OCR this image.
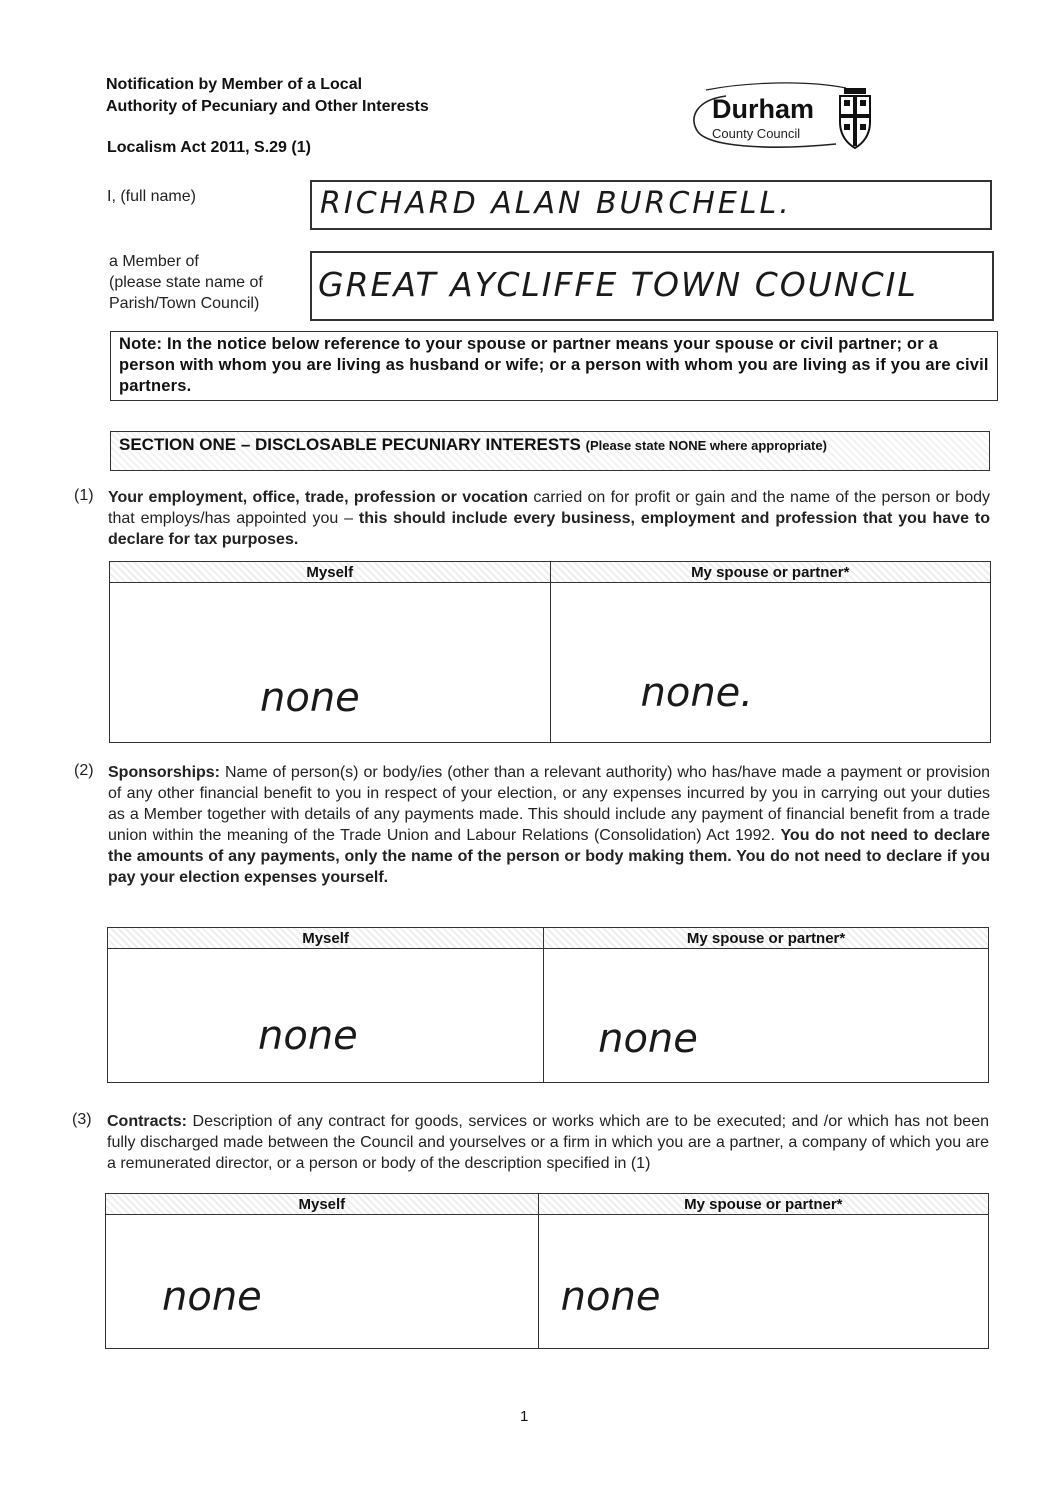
Notification by Member of a Local
Authority of Pecuniary and Other Interests
Localism Act 2011, S.29 (1)
Durham
County Council
I, (full name)	RICHARD ALAN BURCHELL.
a Member of
(please state name of
Parish/Town Council) GREAT AYCLIFFE TOWN COUNCIL
Note: In the notice below reference to your spouse or partner means your spouse or civil partner; or a person with whom you are living as husband or wife; or a person with whom you are living as if you are civil partners.
SECTION ONE – DISCLOSABLE PECUNIARY INTERESTS (Please state NONE where appropriate)
(1) Your employment, office, trade, profession or vocation carried on for profit or gain and the name of the person or body that employs/has appointed you – this should include every business, employment and profession that you have to declare for tax purposes.
Myself	My spouse or partner*

none	none.
(2) Sponsorships: Name of person(s) or body/ies (other than a relevant authority) who has/have made a payment or provision of any other financial benefit to you in respect of your election, or any expenses incurred by you in carrying out your duties as a Member together with details of any payments made. This should include any payment of financial benefit from a trade union within the meaning of the Trade Union and Labour Relations (Consolidation) Act 1992. You do not need to declare the amounts of any payments, only the name of the person or body making them. You do not need to declare if you pay your election expenses yourself.
Myself	My spouse or partner*

none	none
(3) Contracts: Description of any contract for goods, services or works which are to be executed; and /or which has not been fully discharged made between the Council and yourselves or a firm in which you are a partner, a company of which you are a remunerated director, or a person or body of the description specified in (1)
Myself	My spouse or partner*

none	none
1
